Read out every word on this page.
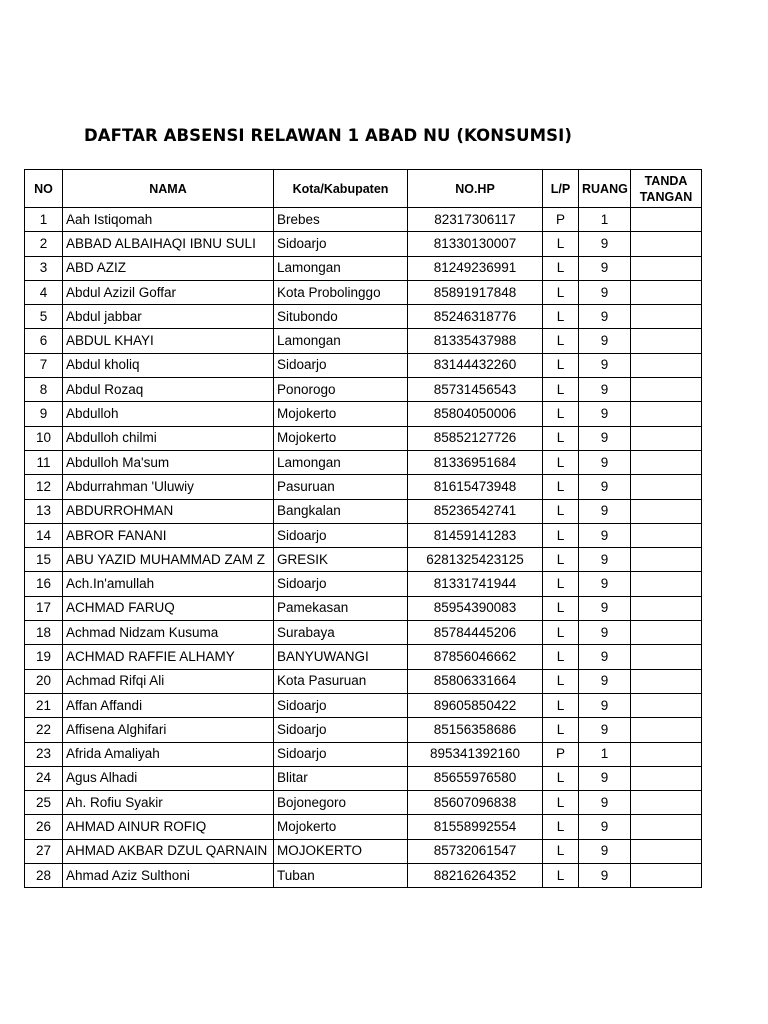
DAFTAR ABSENSI RELAWAN 1 ABAD NU (KONSUMSI)
NO	NAMA	Kota/Kabupaten	NO.HP	L/P	RUANG	TANDA
TANGAN
1	Aah Istiqomah	Brebes	82317306117	P	1	
2	ABBAD ALBAIHAQI IBNU SULI	Sidoarjo	81330130007	L	9	
3	ABD AZIZ	Lamongan	81249236991	L	9	
4	Abdul Azizil Goffar	Kota Probolinggo	85891917848	L	9	
5	Abdul jabbar	Situbondo	85246318776	L	9	
6	ABDUL KHAYI	Lamongan	81335437988	L	9	
7	Abdul kholiq	Sidoarjo	83144432260	L	9	
8	Abdul Rozaq	Ponorogo	85731456543	L	9	
9	Abdulloh	Mojokerto	85804050006	L	9	
10	Abdulloh chilmi	Mojokerto	85852127726	L	9	
11	Abdulloh Ma'sum	Lamongan	81336951684	L	9	
12	Abdurrahman 'Uluwiy	Pasuruan	81615473948	L	9	
13	ABDURROHMAN	Bangkalan	85236542741	L	9	
14	ABROR FANANI	Sidoarjo	81459141283	L	9	
15	ABU YAZID MUHAMMAD ZAM Z	GRESIK	6281325423125	L	9	
16	Ach.In'amullah	Sidoarjo	81331741944	L	9	
17	ACHMAD FARUQ	Pamekasan	85954390083	L	9	
18	Achmad Nidzam Kusuma	Surabaya	85784445206	L	9	
19	ACHMAD RAFFIE ALHAMY	BANYUWANGI	87856046662	L	9	
20	Achmad Rifqi Ali	Kota Pasuruan	85806331664	L	9	
21	Affan Affandi	Sidoarjo	89605850422	L	9	
22	Affisena Alghifari	Sidoarjo	85156358686	L	9	
23	Afrida Amaliyah	Sidoarjo	895341392160	P	1	
24	Agus Alhadi	Blitar	85655976580	L	9	
25	Ah. Rofiu Syakir	Bojonegoro	85607096838	L	9	
26	AHMAD AINUR ROFIQ	Mojokerto	81558992554	L	9	
27	AHMAD AKBAR DZUL QARNAIN	MOJOKERTO	85732061547	L	9	
28	Ahmad Aziz Sulthoni	Tuban	88216264352	L	9	
